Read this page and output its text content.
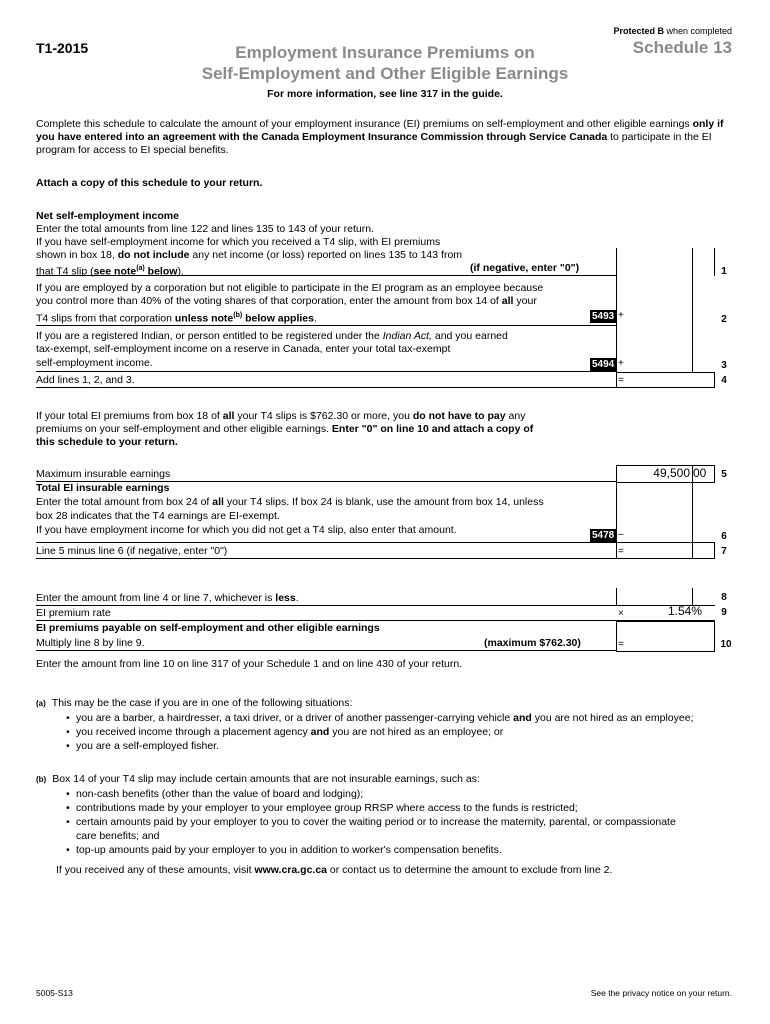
T1-2015
Protected B when completed
Employment Insurance Premiums on
Self-Employment and Other Eligible Earnings
Schedule 13
For more information, see line 317 in the guide.
Complete this schedule to calculate the amount of your employment insurance (EI) premiums on self-employment and other eligible earnings only if you have entered into an agreement with the Canada Employment Insurance Commission through Service Canada to participate in the EI program for access to EI special benefits.
Attach a copy of this schedule to your return.
Net self-employment income
Enter the total amounts from line 122 and lines 135 to 143 of your return.
If you have self-employment income for which you received a T4 slip, with EI premiums
shown in box 18, do not include any net income (or loss) reported on lines 135 to 143 from
that T4 slip (see note$^{(a)}$ below).	(if negative, enter "0")	1
If you are employed by a corporation but not eligible to participate in the EI program as an employee because
you control more than 40% of the voting shares of that corporation, enter the amount from box 14 of all your
T4 slips from that corporation unless note$^{(b)}$ below applies.	5493 +	2
If you are a registered Indian, or person entitled to be registered under the Indian Act, and you earned
tax-exempt, self-employment income on a reserve in Canada, enter your total tax-exempt
self-employment income.	5494 +	3
Add lines 1, 2, and 3.	=	4
If your total EI premiums from box 18 of all your T4 slips is $762.30 or more, you do not have to pay any
premiums on your self-employment and other eligible earnings. Enter "0" on line 10 and attach a copy of
this schedule to your return.
Maximum insurable earnings	49,500 00	5
Total EI insurable earnings
Enter the total amount from box 24 of all your T4 slips. If box 24 is blank, use the amount from box 14, unless
box 28 indicates that the T4 earnings are EI-exempt.
If you have employment income for which you did not get a T4 slip, also enter that amount.	5478 –	6
Line 5 minus line 6 (if negative, enter "0")	=	7
Enter the amount from line 4 or line 7, whichever is less.	8
EI premium rate	×	1.54%	9
EI premiums payable on self-employment and other eligible earnings
Multiply line 8 by line 9.	(maximum $762.30)	=	10
Enter the amount from line 10 on line 317 of your Schedule 1 and on line 430 of your return.
(a) This may be the case if you are in one of the following situations:
• you are a barber, a hairdresser, a taxi driver, or a driver of another passenger-carrying vehicle and you are not hired as an employee;
• you received income through a placement agency and you are not hired as an employee; or
• you are a self-employed fisher.
(b) Box 14 of your T4 slip may include certain amounts that are not insurable earnings, such as:
• non-cash benefits (other than the value of board and lodging);
• contributions made by your employer to your employee group RRSP where access to the funds is restricted;
• certain amounts paid by your employer to you to cover the waiting period or to increase the maternity, parental, or compassionate
care benefits; and
• top-up amounts paid by your employer to you in addition to worker's compensation benefits.
If you received any of these amounts, visit www.cra.gc.ca or contact us to determine the amount to exclude from line 2.
5005-S13	See the privacy notice on your return.
